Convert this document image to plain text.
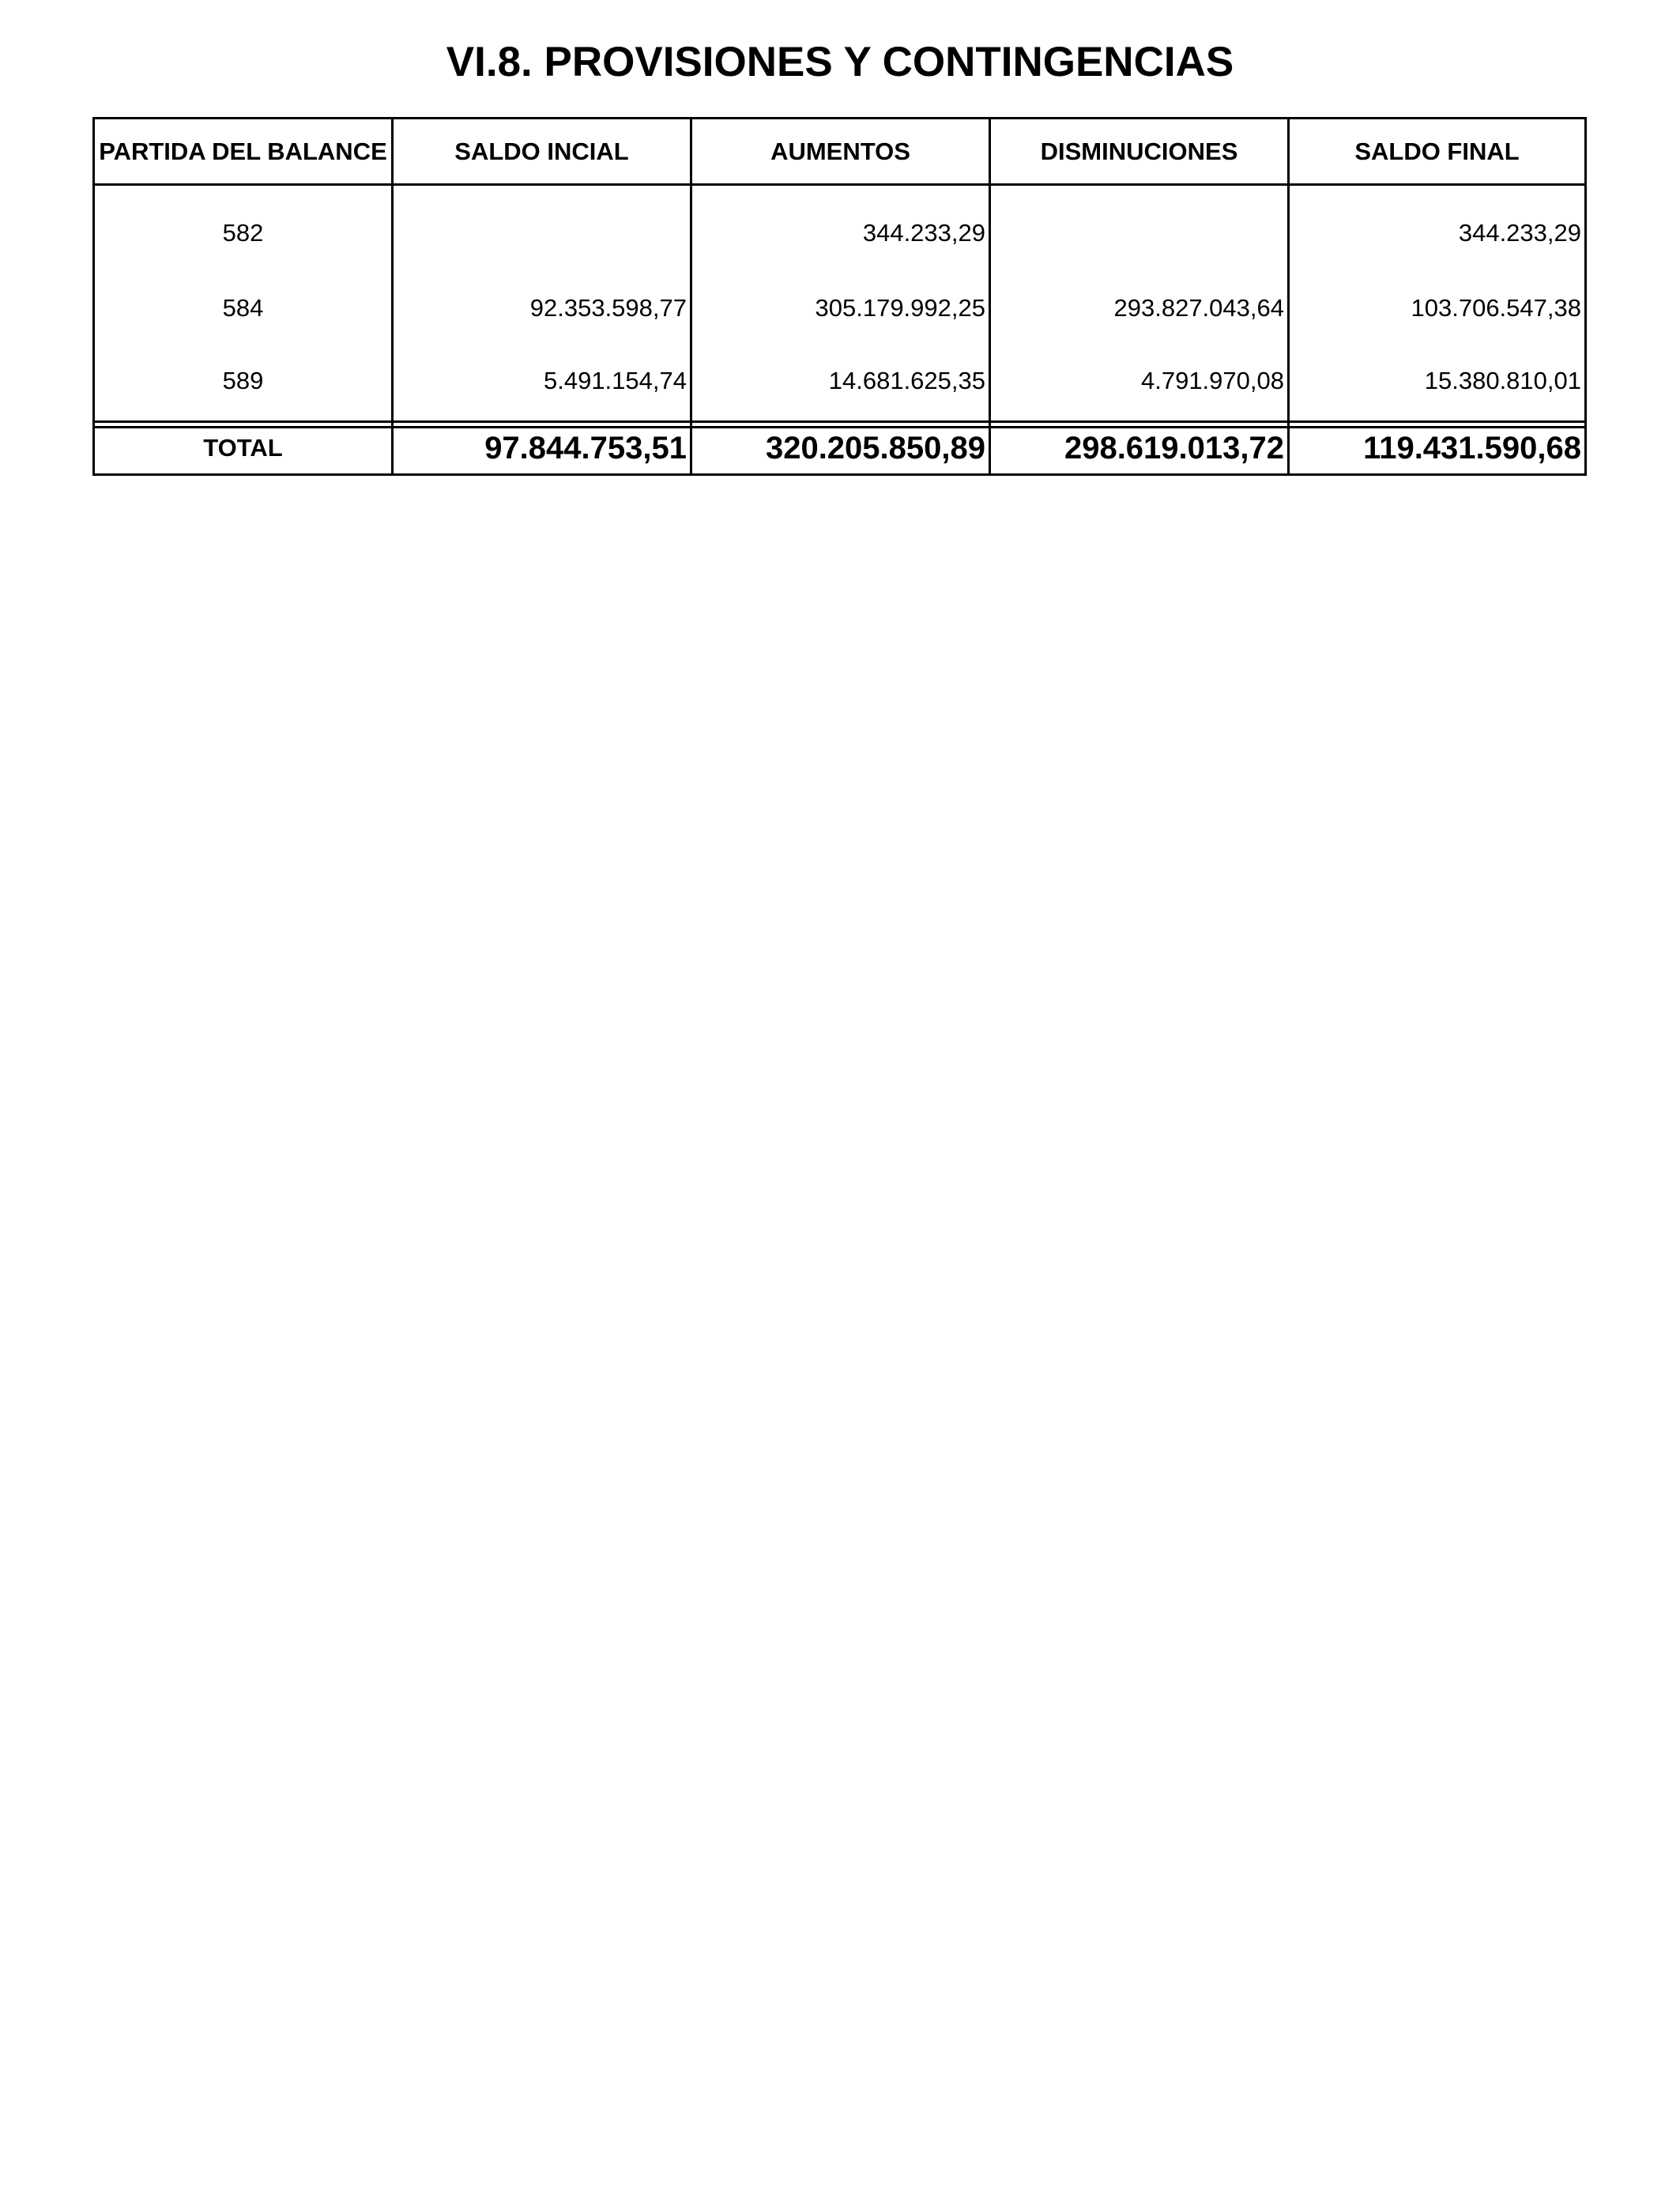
VI.8. PROVISIONES Y CONTINGENCIAS
PARTIDA DEL BALANCE	SALDO INCIAL	AUMENTOS	DISMINUCIONES	SALDO FINAL
582		344.233,29		344.233,29
584	92.353.598,77	305.179.992,25	293.827.043,64	103.706.547,38
589	5.491.154,74	14.681.625,35	4.791.970,08	15.380.810,01
TOTAL	97.844.753,51	320.205.850,89	298.619.013,72	119.431.590,68
